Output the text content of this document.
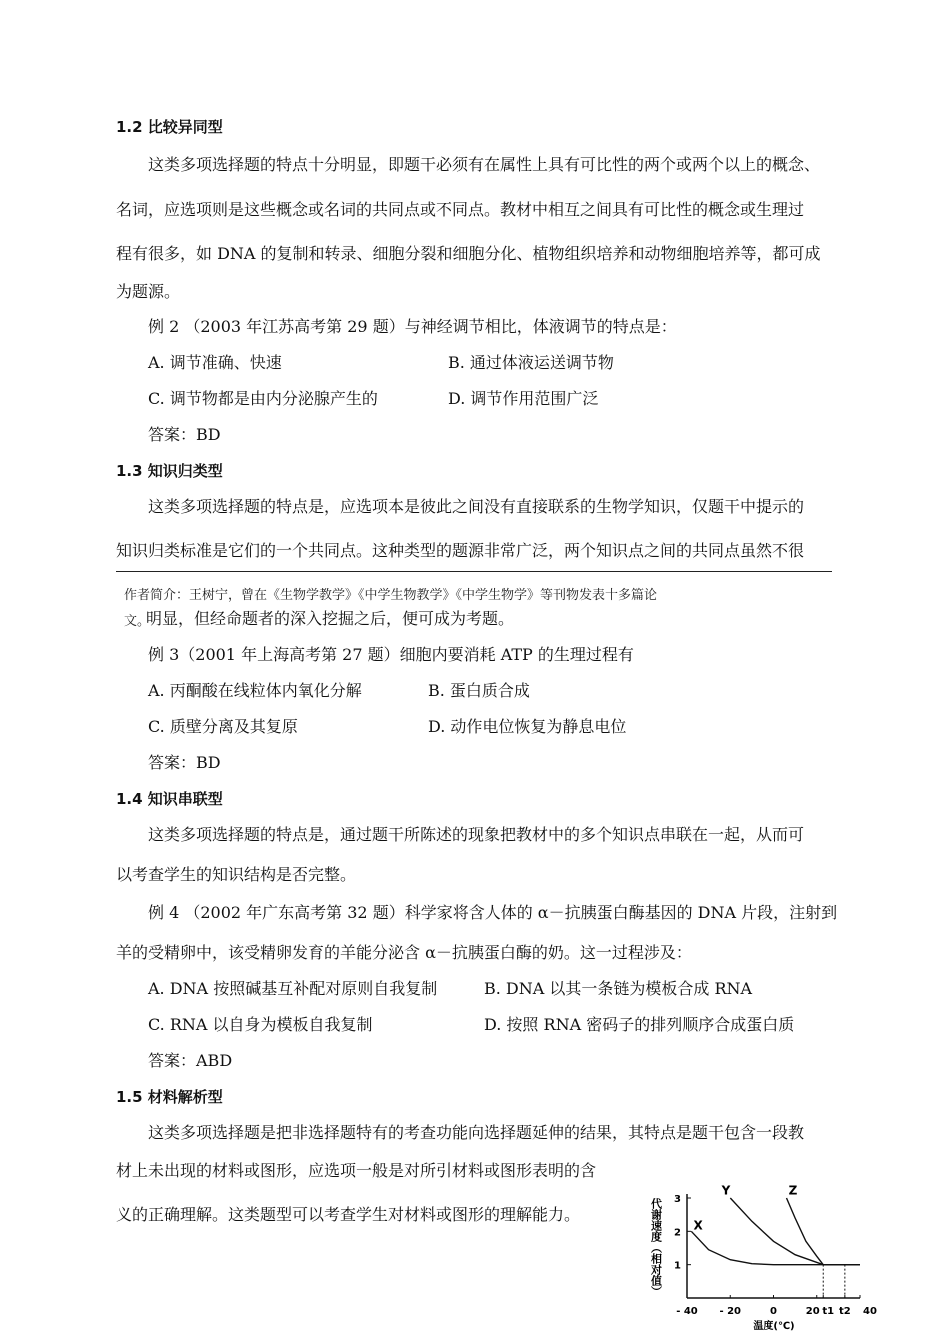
1.2 比较异同型
这类多项选择题的特点十分明显，即题干必须有在属性上具有可比性的两个或两个以上的概念、
名词，应选项则是这些概念或名词的共同点或不同点。教材中相互之间具有可比性的概念或生理过
程有很多，如 DNA 的复制和转录、细胞分裂和细胞分化、植物组织培养和动物细胞培养等，都可成
为题源。
例 2 （2003 年江苏高考第 29 题）与神经调节相比，体液调节的特点是：
A. 调节准确、快速	B. 通过体液运送调节物
C. 调节物都是由内分泌腺产生的	D. 调节作用范围广泛
答案：BD
1.3 知识归类型
这类多项选择题的特点是，应选项本是彼此之间没有直接联系的生物学知识，仅题干中提示的
知识归类标准是它们的一个共同点。这种类型的题源非常广泛，两个知识点之间的共同点虽然不很
作者简介：王树宁，曾在《生物学教学》《中学生物教学》《中学生物学》等刊物发表十多篇论
文。
明显，但经命题者的深入挖掘之后，便可成为考题。
例 3（2001 年上海高考第 27 题）细胞内要消耗 ATP 的生理过程有
A. 丙酮酸在线粒体内氧化分解	B. 蛋白质合成
C. 质壁分离及其复原	D. 动作电位恢复为静息电位
答案：BD
1.4 知识串联型
这类多项选择题的特点是，通过题干所陈述的现象把教材中的多个知识点串联在一起，从而可
以考查学生的知识结构是否完整。
例 4 （2002 年广东高考第 32 题）科学家将含人体的 α－抗胰蛋白酶基因的 DNA 片段，注射到
羊的受精卵中，该受精卵发育的羊能分泌含 α－抗胰蛋白酶的奶。这一过程涉及：
A. DNA 按照碱基互补配对原则自我复制	B. DNA 以其一条链为模板合成 RNA
C. RNA 以自身为模板自我复制	D. 按照 RNA 密码子的排列顺序合成蛋白质
答案：ABD
1.5 材料解析型
这类多项选择题是把非选择题特有的考查功能向选择题延伸的结果，其特点是题干包含一段教
材上未出现的材料或图形，应选项一般是对所引材料或图形表明的含
义的正确理解。这类题型可以考查学生对材料或图形的理解能力。	代谢速度（相对值） 1
2
3
- 40 - 20	0	20 t1 t2 40
X
Y	Z
温度(℃)
